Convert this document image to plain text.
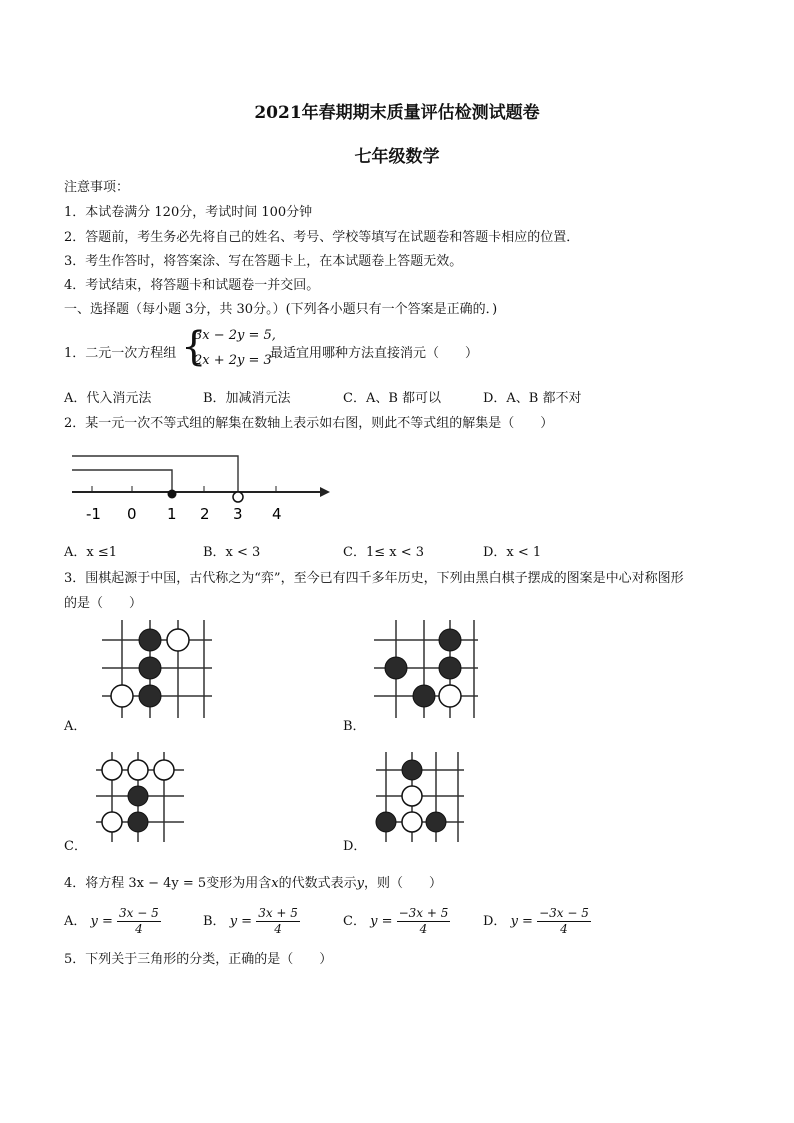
2021年春期期末质量评估检测试题卷
七年级数学
注意事项：
1．本试卷满分 120分，考试时间 100分钟
2．答题前，考生务必先将自己的姓名、考号、学校等填写在试题卷和答题卡相应的位置．
3．考生作答时，将答案涂、写在答题卡上，在本试题卷上答题无效。
4．考试结束，将答题卡和试题卷一并交回。
一、选择题（每小题 3分，共 30分。）(下列各小题只有一个答案是正确的．)
1．二元一次方程组 {
3x − 2y = 5,
2x + 2y = 3
最适宜用哪种方法直接消元（　　）
A．代入消元法	B．加减消元法	C．A、B 都可以	D．A、B 都不对
2．某一元一次不等式组的解集在数轴上表示如右图，则此不等式组的解集是（　　）
-1 0 1 2 3 4
A．x ≤1	B．x < 3	C．1≤ x < 3	D．x < 1
3．围棋起源于中国，古代称之为“弈”，至今已有四千多年历史，下列由黑白棋子摆成的图案是中心对称图形
的是（　　）
A．	B．
C．	D．
4．将方程 3x − 4y = 5变形为用含x的代数式表示y，则（　　）
A． $y = \frac{3x - 5}{4}$	B． $y = \frac{3x + 5}{4}$	C． $y = \frac{-3x + 5}{4}$	D． $y = \frac{-3x - 5}{4}$
5．下列关于三角形的分类，正确的是（　　）
